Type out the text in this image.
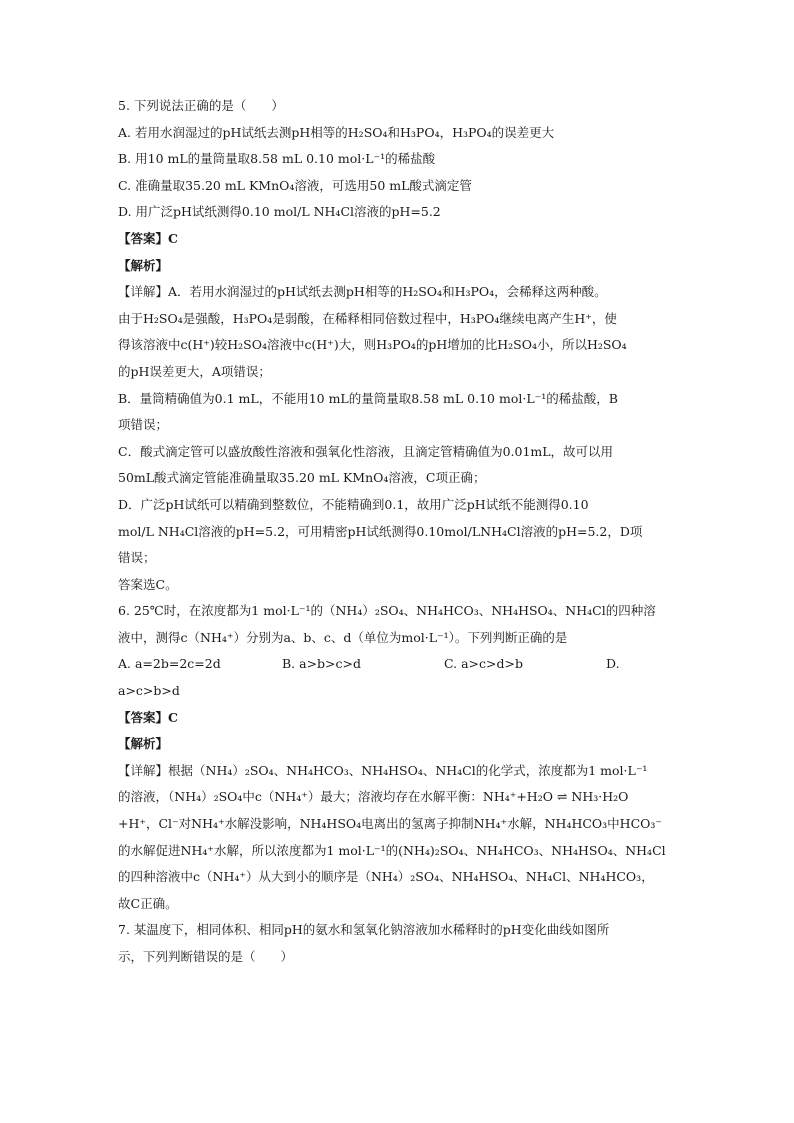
5. 下列说法正确的是（　　）
A. 若用水润湿过的pH试纸去测pH相等的H₂SO₄和H₃PO₄，H₃PO₄的误差更大
B. 用10 mL的量筒量取8.58 mL 0.10 mol·L⁻¹的稀盐酸
C. 准确量取35.20 mL KMnO₄溶液，可选用50 mL酸式滴定管
D. 用广泛pH试纸测得0.10 mol/L NH₄Cl溶液的pH=5.2
【答案】C
【解析】
【详解】A．若用水润湿过的pH试纸去测pH相等的H₂SO₄和H₃PO₄，会稀释这两种酸。
由于H₂SO₄是强酸，H₃PO₄是弱酸，在稀释相同倍数过程中，H₃PO₄继续电离产生H⁺，使
得该溶液中c(H⁺)较H₂SO₄溶液中c(H⁺)大，则H₃PO₄的pH增加的比H₂SO₄小，所以H₂SO₄
的pH误差更大，A项错误；
B．量筒精确值为0.1 mL，不能用10 mL的量筒量取8.58 mL 0.10 mol·L⁻¹的稀盐酸，B
项错误；
C．酸式滴定管可以盛放酸性溶液和强氧化性溶液，且滴定管精确值为0.01mL，故可以用
50mL酸式滴定管能准确量取35.20 mL KMnO₄溶液，C项正确；
D．广泛pH试纸可以精确到整数位，不能精确到0.1，故用广泛pH试纸不能测得0.10
mol/L NH₄Cl溶液的pH=5.2，可用精密pH试纸测得0.10mol/LNH₄Cl溶液的pH=5.2，D项
错误；
答案选C。
6. 25℃时，在浓度都为1 mol·L⁻¹的（NH₄）₂SO₄、NH₄HCO₃、NH₄HSO₄、NH₄Cl的四种溶
液中，测得c（NH₄⁺）分别为a、b、c、d（单位为mol·L⁻¹）。下列判断正确的是
A. a=2b=2c=2d	B. a>b>c>d	C. a>c>d>b	D.
a>c>b>d
【答案】C
【解析】
【详解】根据（NH₄）₂SO₄、NH₄HCO₃、NH₄HSO₄、NH₄Cl的化学式，浓度都为1 mol·L⁻¹
的溶液，（NH₄）₂SO₄中c（NH₄⁺）最大；溶液均存在水解平衡：NH₄⁺+H₂O ⇌ NH₃·H₂O
+H⁺，Cl⁻对NH₄⁺水解没影响，NH₄HSO₄电离出的氢离子抑制NH₄⁺水解，NH₄HCO₃中HCO₃⁻
的水解促进NH₄⁺水解，所以浓度都为1 mol·L⁻¹的(NH₄)₂SO₄、NH₄HCO₃、NH₄HSO₄、NH₄Cl
的四种溶液中c（NH₄⁺）从大到小的顺序是（NH₄）₂SO₄、NH₄HSO₄、NH₄Cl、NH₄HCO₃，
故C正确。
7. 某温度下，相同体积、相同pH的氨水和氢氧化钠溶液加水稀释时的pH变化曲线如图所
示，下列判断错误的是（　　）
